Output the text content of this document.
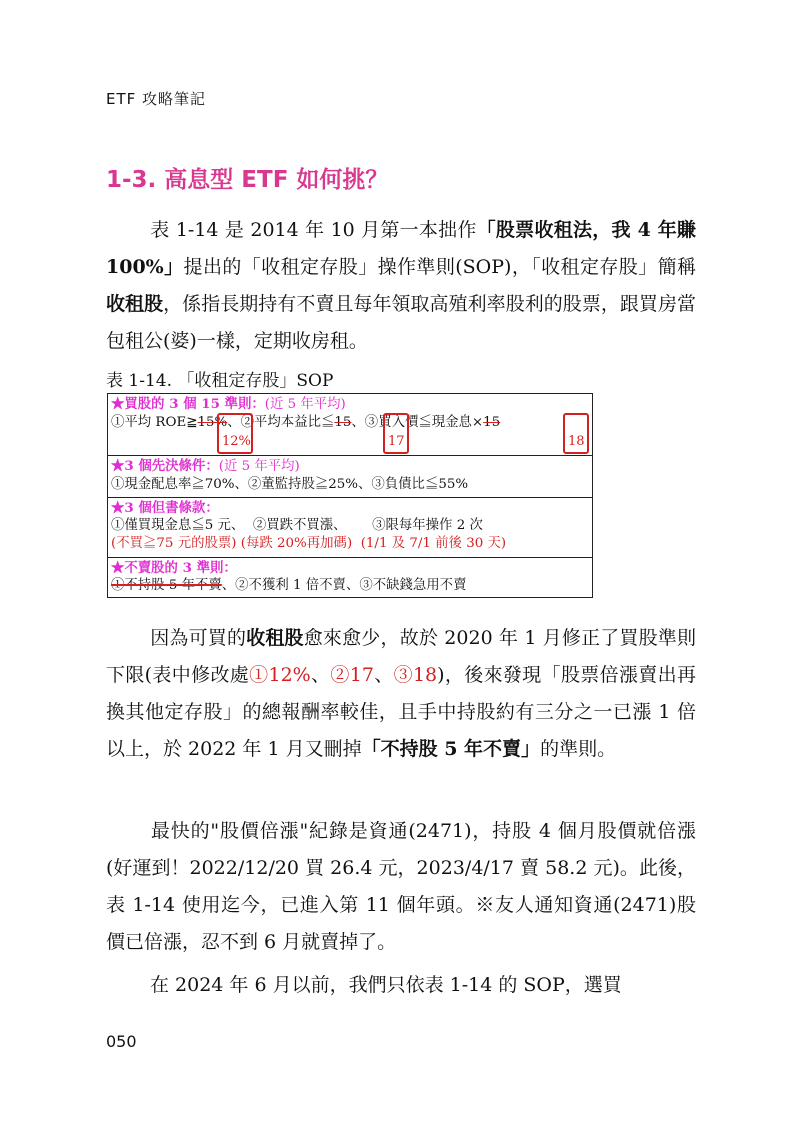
ETF 攻略筆記
1-3. 高息型 ETF 如何挑？

表 1-14 是 2014 年 10 月第一本拙作「股票收租法，我 4 年賺 100%」提出的「收租定存股」操作準則(SOP)，「收租定存股」簡稱收租股，係指長期持有不賣且每年領取高殖利率股利的股票，跟買房當包租公(婆)一樣，定期收房租。

表 1-14. 「收租定存股」SOP
★買股的 3 個 15 準則：(近 5 年平均)
①平均 ROE≧15%、②平均本益比≦15、③買入價≦現金息×15
12%	17	18
★3 個先決條件：(近 5 年平均)
①現金配息率≧70%、②董監持股≧25%、③負債比≦55%
★3 個但書條款：
①僅買現金息≦5 元、 ②買跌不買漲、 ③限每年操作 2 次
(不買≧75 元的股票) (每跌 20%再加碼) (1/1 及 7/1 前後 30 天)
★不賣股的 3 準則：
①不持股 5 年不賣、②不獲利 1 倍不賣、③不缺錢急用不賣

因為可買的收租股愈來愈少，故於 2020 年 1 月修正了買股準則下限(表中修改處①12%、②17、③18)，後來發現「股票倍漲賣出再換其他定存股」的總報酬率較佳，且手中持股約有三分之一已漲 1 倍以上，於 2022 年 1 月又刪掉「不持股 5 年不賣」的準則。

最快的"股價倍漲"紀錄是資通(2471)，持股 4 個月股價就倍漲(好運到！2022/12/20 買 26.4 元，2023/4/17 賣 58.2 元)。此後，表 1-14 使用迄今，已進入第 11 個年頭。※友人通知資通(2471)股價已倍漲，忍不到 6 月就賣掉了。

在 2024 年 6 月以前，我們只依表 1-14 的 SOP，選買

050
